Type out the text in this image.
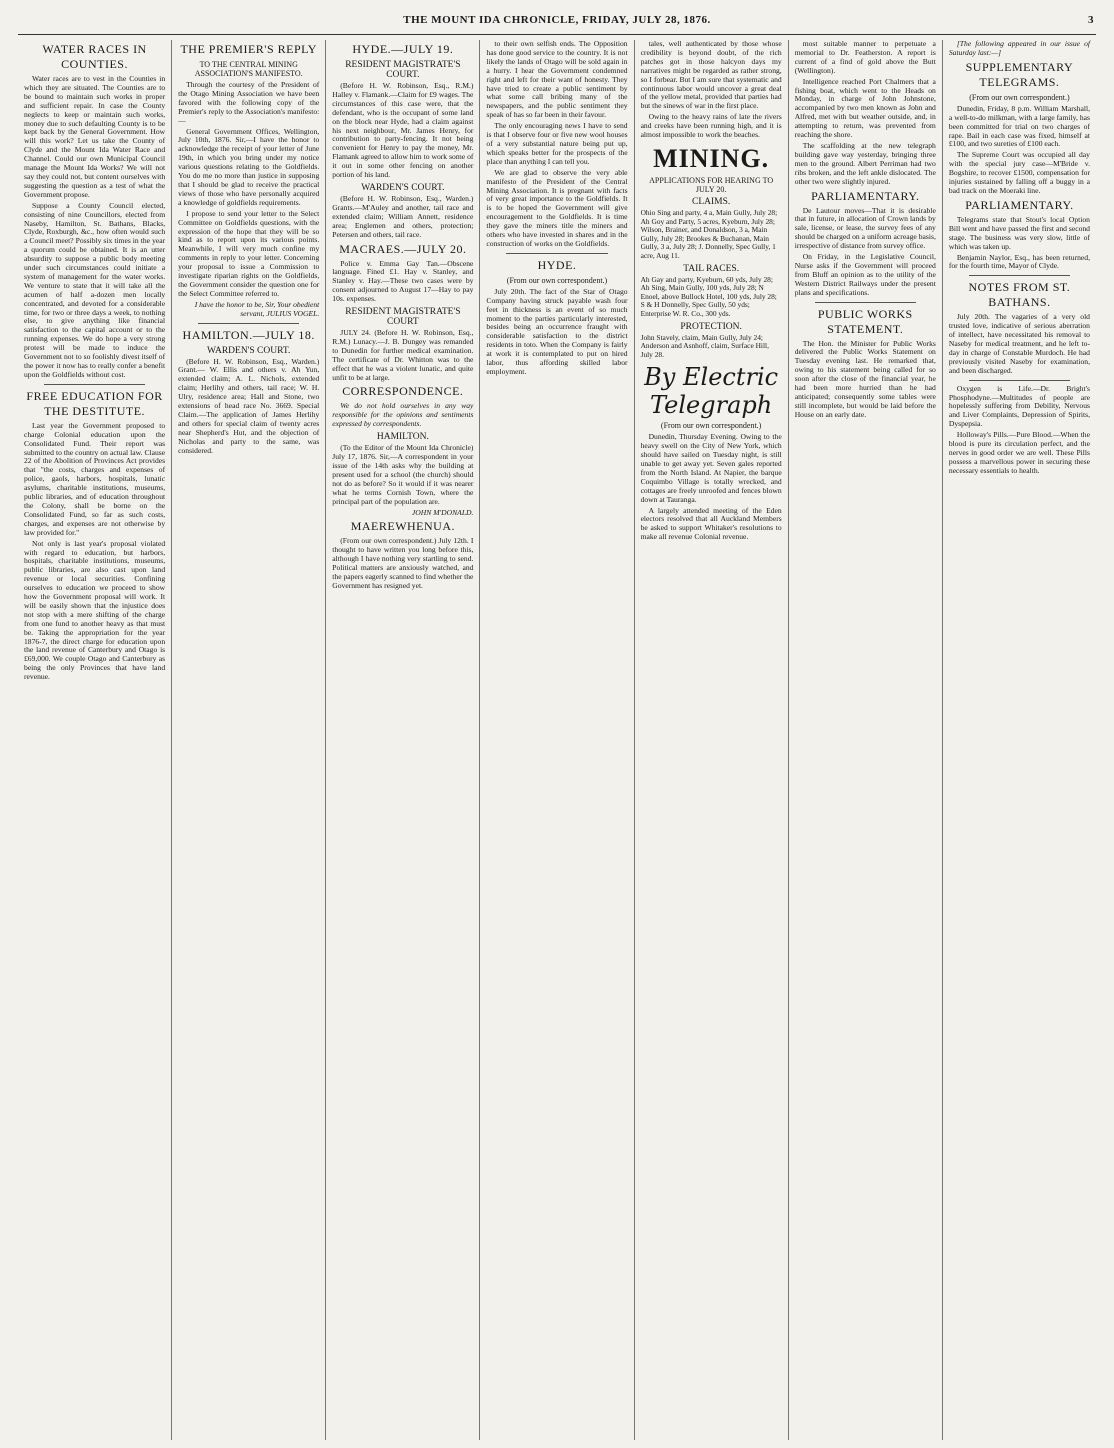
THE MOUNT IDA CHRONICLE, FRIDAY, JULY 28, 1876.	3
WATER RACES IN COUNTIES.

Water races are to vest in the Counties in which they are situated. The Counties are to be bound to maintain such works in proper and sufficient repair. In case the County neglects to keep or maintain such works, money due to such defaulting County is to be kept back by the General Government. How will this work? Let us take the County of Clyde and the Mount Ida Water Race and Channel. Could our own Municipal Council manage the Mount Ida Works? We will not say they could not, but content ourselves with suggesting the question as a test of what the Government propose.

Suppose a County Council elected, consisting of nine Councillors, elected from Naseby, Hamilton, St. Bathans, Blacks, Clyde, Roxburgh, &c., how often would such a Council meet? Possibly six times in the year a quorum could be obtained. It is an utter absurdity to suppose a public body meeting under such circumstances could initiate a system of management for the water works. We venture to state that it will take all the acumen of half a-dozen men locally concentrated, and devoted for a considerable time, for two or three days a week, to nothing else, to give anything like financial satisfaction to the capital account or to the running expenses. We do hope a very strong protest will be made to induce the Government not to so foolishly divest itself of the power it now has to really confer a benefit upon the Goldfields without cost.

FREE EDUCATION FOR THE DESTITUTE.

Last year the Government proposed to charge Colonial education upon the Consolidated Fund. Their report was submitted to the country on actual law. Clause 22 of the Abolition of Provinces Act provides that "the costs, charges and expenses of police, gaols, harbors, hospitals, lunatic asylums, charitable institutions, museums, public libraries, and of education throughout the Colony, shall be borne on the Consolidated Fund, so far as such costs, charges, and expenses are not otherwise by law provided for."

Not only is last year's proposal violated with regard to education, but harbors, hospitals, charitable institutions, museums, public libraries, are also cast upon land revenue or local securities. Confining ourselves to education we proceed to show how the Government proposal will work. It will be easily shown that the injustice does not stop with a mere shifting of the charge from one fund to another heavy as that must be. Taking the appropriation for the year 1876-7, the direct charge for education upon the land revenue of Canterbury and Otago is £69,000. We couple Otago and Canterbury as being the only Provinces that have land revenue.

THE PREMIER'S REPLY
TO THE CENTRAL MINING ASSOCIATION'S MANIFESTO.

Through the courtesy of the President of the Otago Mining Association we have been favored with the following copy of the Premier's reply to the Association's manifesto:—

General Government Offices, Wellington, July 10th, 1876. Sir,—I have the honor to acknowledge the receipt of your letter of June 19th, in which you bring under my notice various questions relating to the Goldfields. You do me no more than justice in supposing that I should be glad to receive the practical views of those who have personally acquired a knowledge of goldfields requirements.

I propose to send your letter to the Select Committee on Goldfields questions, with the expression of the hope that they will be so kind as to report upon its various points. Meanwhile, I will very much confine my comments in reply to your letter. Concerning your proposal to issue a Commission to investigate riparian rights on the Goldfields, the Government consider the question one for the Select Committee referred to.

I have the honor to be, Sir, Your obedient servant, JULIUS VOGEL.

HAMILTON.—JULY 18.
WARDEN'S COURT.

(Before H. W. Robinson, Esq., Warden.) Grant.— W. Ellis and others v. Ah Yun, extended claim; A. L. Nichols, extended claim; Herlihy and others, tail race; W. H. Ulry, residence area; Hall and Stone, two extensions of head race No. 3669. Special Claim.—The application of James Herlihy and others for special claim of twenty acres near Shepherd's Hut, and the objection of Nicholas and party to the same, was considered.

HYDE.—JULY 19.
RESIDENT MAGISTRATE'S COURT.

(Before H. W. Robinson, Esq., R.M.) Halley v. Flamank.—Claim for £9 wages. The circumstances of this case were, that the defendant, who is the occupant of some land on the block near Hyde, had a claim against his next neighbour, Mr. James Henry, for contribution to party-fencing. It not being convenient for Henry to pay the money, Mr. Flamank agreed to allow him to work some of it out in some other fencing on another portion of his land.

WARDEN'S COURT.

(Before H. W. Robinson, Esq., Warden.) Grants.—M'Auley and another, tail race and extended claim; William Annett, residence area; Englemen and others, protection; Petersen and others, tail race.

MACRAES.—JULY 20.

Police v. Emma Gay Tan.—Obscene language. Fined £1. Hay v. Stanley, and Stanley v. Hay.—These two cases were by consent adjourned to August 17—Hay to pay 10s. expenses.

RESIDENT MAGISTRATE'S COURT

JULY 24. (Before H. W. Robinson, Esq., R.M.) Lunacy.—J. B. Dungey was remanded to Dunedin for further medical examination. The certificate of Dr. Whitton was to the effect that he was a violent lunatic, and quite unfit to be at large.

CORRESPONDENCE.

We do not hold ourselves in any way responsible for the opinions and sentiments expressed by correspondents.

HAMILTON.

(To the Editor of the Mount Ida Chronicle) July 17, 1876. Sir,—A correspondent in your issue of the 14th asks why the building at present used for a school (the church) should not do as before? So it would if it was nearer what he terms Cornish Town, where the principal part of the population are.

JOHN M'DONALD.

MAEREWHENUA.

(From our own correspondent.) July 12th. I thought to have written you long before this, although I have nothing very startling to send. Political matters are anxiously watched, and the papers eagerly scanned to find whether the Government has resigned yet.

to their own selfish ends. The Opposition has done good service to the country. It is not likely the lands of Otago will be sold again in a hurry. I hear the Government condemned right and left for their want of honesty. They have tried to create a public sentiment by what some call bribing many of the newspapers, and the public sentiment they speak of has so far been in their favour.

The only encouraging news I have to send is that I observe four or five new wool houses of a very substantial nature being put up, which speaks better for the prospects of the place than anything I can tell you.

We are glad to observe the very able manifesto of the President of the Central Mining Association. It is pregnant with facts of very great importance to the Goldfields. It is to be hoped the Government will give encouragement to the Goldfields. It is time they gave the miners title the miners and others who have invested in shares and in the construction of works on the Goldfields.

HYDE.
(From our own correspondent.)

July 20th. The fact of the Star of Otago Company having struck payable wash four feet in thickness is an event of so much moment to the parties particularly interested, besides being an occurrence fraught with considerable satisfaction to the district residents in toto. When the Company is fairly at work it is contemplated to put on hired labor, thus affording skilled labor employment.

tales, well authenticated by those whose credibility is beyond doubt, of the rich patches got in those halcyon days my narratives might be regarded as rather strong, so I forbear. But I am sure that systematic and continuous labor would uncover a great deal of the yellow metal, provided that parties had but the sinews of war in the first place.

Owing to the heavy rains of late the rivers and creeks have been running high, and it is almost impossible to work the beaches.

MINING.
APPLICATIONS FOR HEARING TO JULY 20.
CLAIMS.
Ohio Sing and party, 4 a, Main Gully, July 28; Ah Goy and Party, 5 acres, Kyeburn, July 28; Wilson, Brainer, and Donaldson, 3 a, Main Gully, July 28; Brookes & Buchanan, Main Gully, 3 a, July 28; J. Donnelly, Spec Gully, 1 acre, Aug 11.
TAIL RACES.
Ah Gay and party, Kyeburn, 60 yds, July 28; Ah Sing, Main Gully, 100 yds, July 28; N Enoel, above Bullock Hotel, 100 yds, July 28; S & H Donnelly, Spec Gully, 50 yds; Enterprise W. R. Co., 300 yds.
PROTECTION.
John Stavely, claim, Main Gully, July 24; Anderson and Asnhoff, claim, Surface Hill, July 28.
By Electric Telegraph
(From our own correspondent.)

Dunedin, Thursday Evening. Owing to the heavy swell on the City of New York, which should have sailed on Tuesday night, is still unable to get away yet. Seven gales reported from the North Island. At Napier, the barque Coquimbo Village is totally wrecked, and cottages are freely unroofed and fences blown down at Tauranga.

A largely attended meeting of the Eden electors resolved that all Auckland Members be asked to support Whitaker's resolutions to make all revenue Colonial revenue.

most suitable manner to perpetuate a memorial to Dr. Featherston. A report is current of a find of gold above the Butt (Wellington).

Intelligence reached Port Chalmers that a fishing boat, which went to the Heads on Monday, in charge of John Johnstone, accompanied by two men known as John and Alfred, met with but weather outside, and, in attempting to return, was prevented from reaching the shore.

The scaffolding at the new telegraph building gave way yesterday, bringing three men to the ground. Albert Perriman had two ribs broken, and the left ankle dislocated. The other two were slightly injured.

PARLIAMENTARY.

De Lautour moves—That it is desirable that in future, in allocation of Crown lands by sale, license, or lease, the survey fees of any should be charged on a uniform acreage basis, irrespective of distance from survey office.

On Friday, in the Legislative Council, Nurse asks if the Government will proceed from Bluff an opinion as to the utility of the Western District Railways under the present plans and specifications.

PUBLIC WORKS STATEMENT.

The Hon. the Minister for Public Works delivered the Public Works Statement on Tuesday evening last. He remarked that, owing to his statement being called for so soon after the close of the financial year, he had been more hurried than he had anticipated; consequently some tables were still incomplete, but would be laid before the House on an early date.

[The following appeared in our issue of Saturday last:—]

SUPPLEMENTARY TELEGRAMS.
(From our own correspondent.)

Dunedin, Friday, 8 p.m. William Marshall, a well-to-do milkman, with a large family, has been committed for trial on two charges of rape. Bail in each case was fixed, himself at £100, and two sureties of £100 each.

The Supreme Court was occupied all day with the special jury case—M'Bride v. Bogshire, to recover £1500, compensation for injuries sustained by falling off a buggy in a bad track on the Moeraki line.

PARLIAMENTARY.

Telegrams state that Stout's local Option Bill went and have passed the first and second stage. The business was very slow, little of which was taken up.

Benjamin Naylor, Esq., has been returned, for the fourth time, Mayor of Clyde.

NOTES FROM ST. BATHANS.

July 20th. The vagaries of a very old trusted love, indicative of serious aberration of intellect, have necessitated his removal to Naseby for medical treatment, and he left to-day in charge of Constable Murdoch. He had previously visited Naseby for examination, and been discharged.

Oxygen is Life.—Dr. Bright's Phosphodyne.—Multitudes of people are hopelessly suffering from Debility, Nervous and Liver Complaints, Depression of Spirits, Dyspepsia.

Holloway's Pills.—Pure Blood.—When the blood is pure its circulation perfect, and the nerves in good order we are well. These Pills possess a marvellous power in securing these necessary essentials to health.
